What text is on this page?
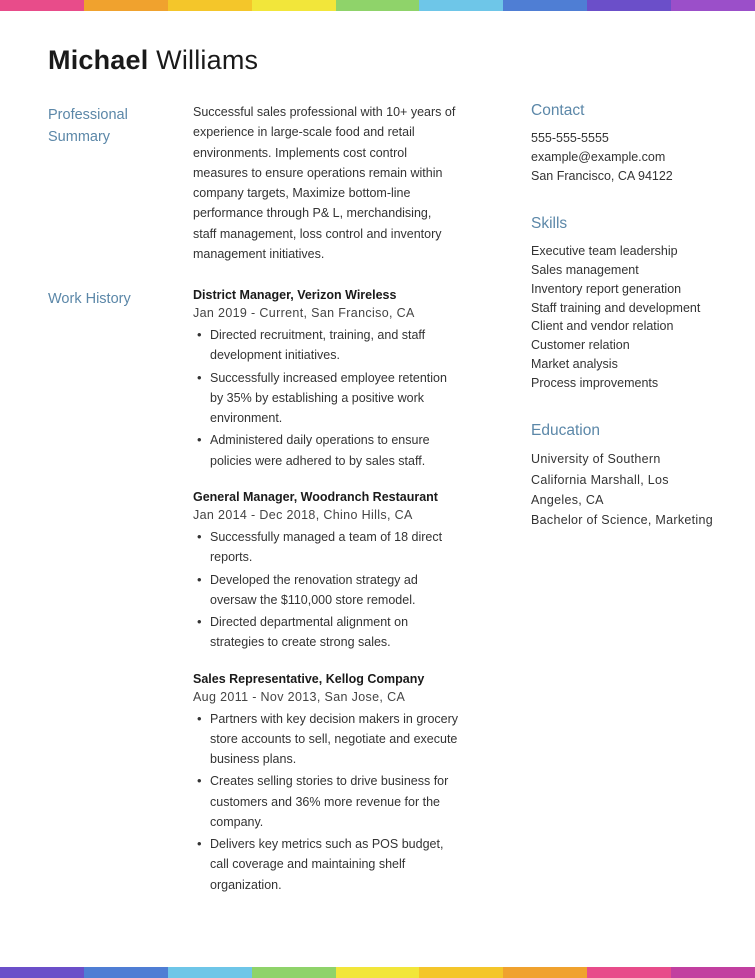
Michael Williams
Professional Summary
Successful sales professional with 10+ years of experience in large-scale food and retail environments. Implements cost control measures to ensure operations remain within company targets, Maximize bottom-line performance through P& L, merchandising, staff management, loss control and inventory management initiatives.
Work History	District Manager, Verizon Wireless
Jan 2019 - Current, San Franciso, CA
• Directed recruitment, training, and staff development initiatives.
• Successfully increased employee retention by 35% by establishing a positive work environment.
• Administered daily operations to ensure policies were adhered to by sales staff.
General Manager, Woodranch Restaurant
Jan 2014 - Dec 2018, Chino Hills, CA
• Successfully managed a team of 18 direct reports.
• Developed the renovation strategy ad oversaw the $110,000 store remodel.
• Directed departmental alignment on strategies to create strong sales.
Sales Representative, Kellog Company
Aug 2011 - Nov 2013, San Jose, CA
• Partners with key decision makers in grocery store accounts to sell, negotiate and execute business plans.
• Creates selling stories to drive business for customers and 36% more revenue for the company.
• Delivers key metrics such as POS budget, call coverage and maintaining shelf organization.
Contact
555-555-5555
example@example.com
San Francisco, CA 94122
Skills
Executive team leadership
Sales management
Inventory report generation
Staff training and development
Client and vendor relation
Customer relation
Market analysis
Process improvements
Education
University of Southern California Marshall, Los Angeles, CA
Bachelor of Science, Marketing
